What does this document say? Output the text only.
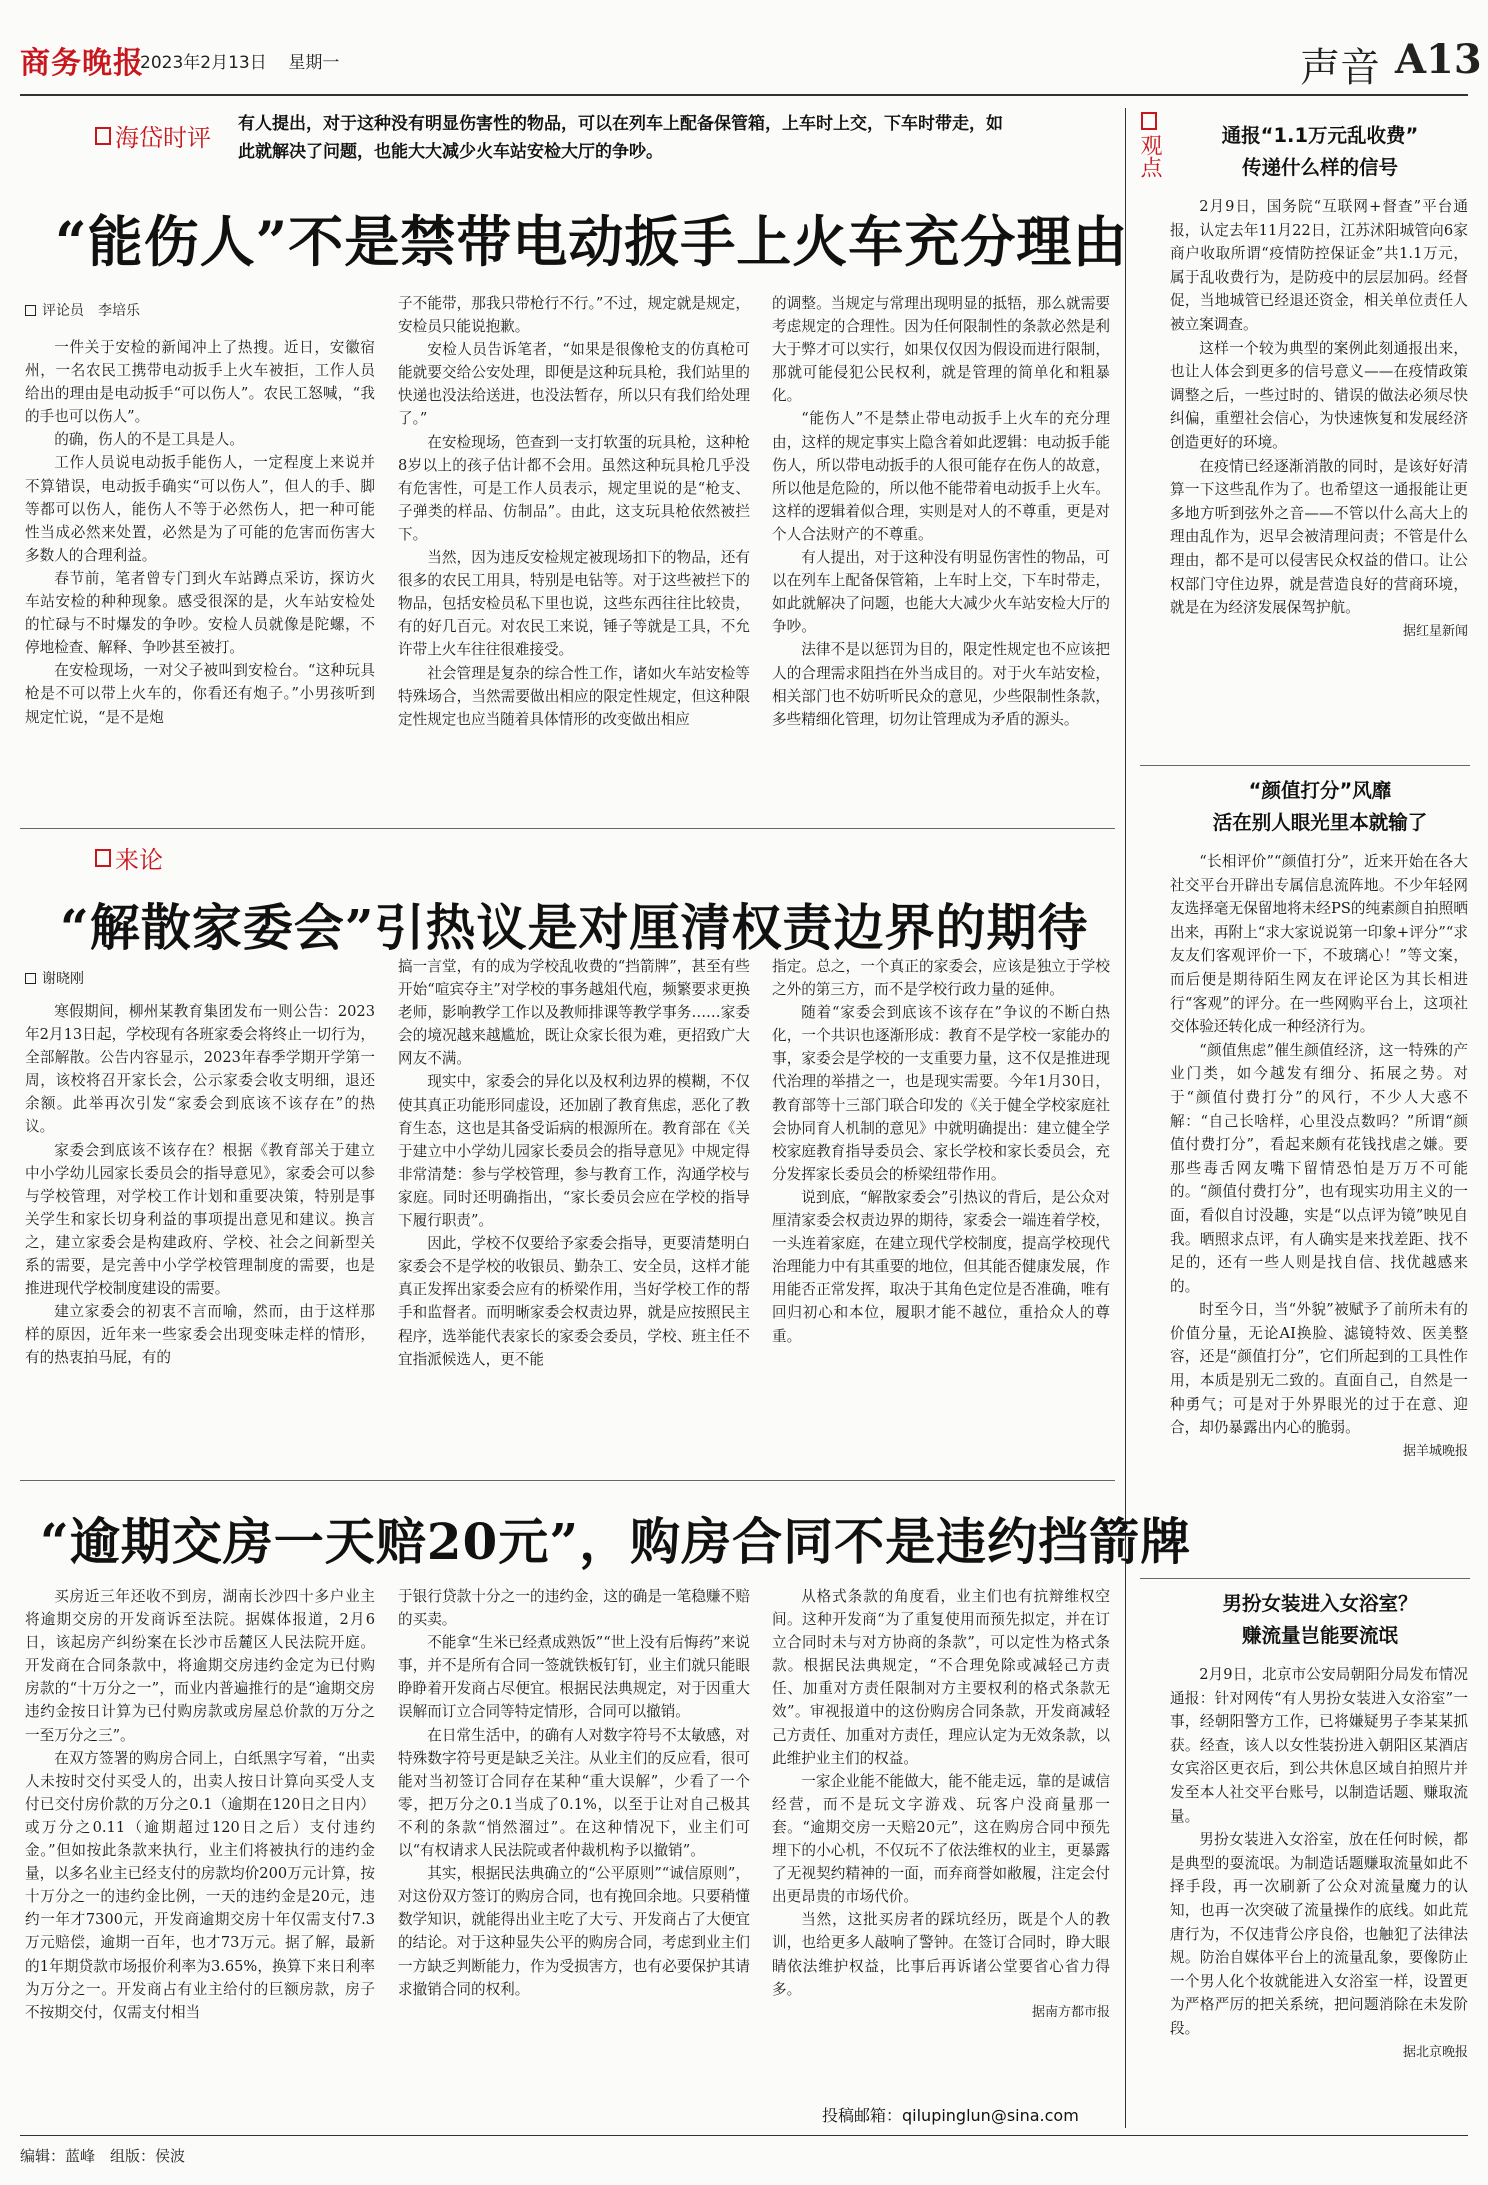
商务晚报
2023年2月13日 星期一	声音 A13
海岱时评 有人提出，对于这种没有明显伤害性的物品，可以在列车上配备保管箱，上车时上交，下车时带走，如此就解决了问题，也能大大减少火车站安检大厅的争吵。
“能伤人”不是禁带电动扳手上火车充分理由
评论员　李培乐

一件关于安检的新闻冲上了热搜。近日，安徽宿州，一名农民工携带电动扳手上火车被拒，工作人员给出的理由是电动扳手“可以伤人”。农民工怒喊，“我的手也可以伤人”。

的确，伤人的不是工具是人。

工作人员说电动扳手能伤人，一定程度上来说并不算错误，电动扳手确实“可以伤人”，但人的手、脚等都可以伤人，能伤人不等于必然伤人，把一种可能性当成必然来处置，必然是为了可能的危害而伤害大多数人的合理利益。

春节前，笔者曾专门到火车站蹲点采访，探访火车站安检的种种现象。感受很深的是，火车站安检处的忙碌与不时爆发的争吵。安检人员就像是陀螺，不停地检查、解释、争吵甚至被打。

在安检现场，一对父子被叫到安检台。“这种玩具枪是不可以带上火车的，你看还有炮子。”小男孩听到规定忙说，“是不是炮

子不能带，那我只带枪行不行。”不过，规定就是规定，安检员只能说抱歉。

安检人员告诉笔者，“如果是很像枪支的仿真枪可能就要交给公安处理，即便是这种玩具枪，我们站里的快递也没法给送进，也没法暂存，所以只有我们给处理了。”

在安检现场，笆查到一支打软蛋的玩具枪，这种枪8岁以上的孩子估计都不会用。虽然这种玩具枪几乎没有危害性，可是工作人员表示，规定里说的是“枪支、子弹类的样品、仿制品”。由此，这支玩具枪依然被拦下。

当然，因为违反安检规定被现场扣下的物品，还有很多的农民工用具，特别是电钻等。对于这些被拦下的物品，包括安检员私下里也说，这些东西往往比较贵，有的好几百元。对农民工来说，锤子等就是工具，不允许带上火车往往很难接受。

社会管理是复杂的综合性工作，诸如火车站安检等特殊场合，当然需要做出相应的限定性规定，但这种限定性规定也应当随着具体情形的改变做出相应

的调整。当规定与常理出现明显的抵牾，那么就需要考虑规定的合理性。因为任何限制性的条款必然是利大于弊才可以实行，如果仅仅因为假设而进行限制，那就可能侵犯公民权利，就是管理的简单化和粗暴化。

“能伤人”不是禁止带电动扳手上火车的充分理由，这样的规定事实上隐含着如此逻辑：电动扳手能伤人，所以带电动扳手的人很可能存在伤人的故意，所以他是危险的，所以他不能带着电动扳手上火车。这样的逻辑着似合理，实则是对人的不尊重，更是对个人合法财产的不尊重。

有人提出，对于这种没有明显伤害性的物品，可以在列车上配备保管箱，上车时上交，下车时带走，如此就解决了问题，也能大大减少火车站安检大厅的争吵。

法律不是以惩罚为目的，限定性规定也不应该把人的合理需求阻挡在外当成目的。对于火车站安检，相关部门也不妨听听民众的意见，少些限制性条款，多些精细化管理，切勿让管理成为矛盾的源头。

来论
“解散家委会”引热议是对厘清权责边界的期待
谢晓刚

寒假期间，柳州某教育集团发布一则公告：2023年2月13日起，学校现有各班家委会将终止一切行为，全部解散。公告内容显示，2023年春季学期开学第一周，该校将召开家长会，公示家委会收支明细，退还余额。此举再次引发“家委会到底该不该存在”的热议。

家委会到底该不该存在？根据《教育部关于建立中小学幼儿园家长委员会的指导意见》，家委会可以参与学校管理，对学校工作计划和重要决策，特别是事关学生和家长切身利益的事项提出意见和建议。换言之，建立家委会是构建政府、学校、社会之间新型关系的需要，是完善中小学学校管理制度的需要，也是推进现代学校制度建设的需要。

建立家委会的初衷不言而喻，然而，由于这样那样的原因，近年来一些家委会出现变味走样的情形，有的热衷拍马屁，有的

搞一言堂，有的成为学校乱收费的“挡箭牌”，甚至有些开始“喧宾夺主”对学校的事务越俎代庖，频繁要求更换老师，影响教学工作以及教师排课等教学事务……家委会的境况越来越尴尬，既让众家长很为难，更招致广大网友不满。

现实中，家委会的异化以及权利边界的模糊，不仅使其真正功能形同虚设，还加剧了教育焦虑，恶化了教育生态，这也是其备受诟病的根源所在。教育部在《关于建立中小学幼儿园家长委员会的指导意见》中规定得非常清楚：参与学校管理，参与教育工作，沟通学校与家庭。同时还明确指出，“家长委员会应在学校的指导下履行职责”。

因此，学校不仅要给予家委会指导，更要清楚明白家委会不是学校的收银员、勤杂工、安全员，这样才能真正发挥出家委会应有的桥梁作用，当好学校工作的帮手和监督者。而明晰家委会权责边界，就是应按照民主程序，选举能代表家长的家委会委员，学校、班主任不宜指派候选人，更不能

指定。总之，一个真正的家委会，应该是独立于学校之外的第三方，而不是学校行政力量的延伸。

随着“家委会到底该不该存在”争议的不断白热化，一个共识也逐渐形成：教育不是学校一家能办的事，家委会是学校的一支重要力量，这不仅是推进现代治理的举措之一，也是现实需要。今年1月30日，教育部等十三部门联合印发的《关于健全学校家庭社会协同育人机制的意见》中就明确提出：建立健全学校家庭教育指导委员会、家长学校和家长委员会，充分发挥家长委员会的桥梁纽带作用。

说到底，“解散家委会”引热议的背后，是公众对厘清家委会权责边界的期待，家委会一端连着学校，一头连着家庭，在建立现代学校制度，提高学校现代治理能力中有其重要的地位，但其能否健康发展，作用能否正常发挥，取决于其角色定位是否准确，唯有回归初心和本位，履职才能不越位，重拾众人的尊重。

“逾期交房一天赔20元”，购房合同不是违约挡箭牌

买房近三年还收不到房，湖南长沙四十多户业主将逾期交房的开发商诉至法院。据媒体报道，2月6日，该起房产纠纷案在长沙市岳麓区人民法院开庭。开发商在合同条款中，将逾期交房违约金定为已付购房款的“十万分之一”，而业内普遍推行的是“逾期交房违约金按日计算为已付购房款或房屋总价款的万分之一至万分之三”。

在双方签署的购房合同上，白纸黑字写着，“出卖人未按时交付买受人的，出卖人按日计算向买受人支付已交付房价款的万分之0.1（逾期在120日之日内）或万分之0.11（逾期超过120日之后）支付违约金。”但如按此条款来执行，业主们将被执行的违约金量，以多名业主已经支付的房款均价200万元计算，按十万分之一的违约金比例，一天的违约金是20元，违约一年才7300元，开发商逾期交房十年仅需支付7.3万元赔偿，逾期一百年，也才73万元。据了解，最新的1年期贷款市场报价利率为3.65%，换算下来日利率为万分之一。开发商占有业主给付的巨额房款，房子不按期交付，仅需支付相当

于银行贷款十分之一的违约金，这的确是一笔稳赚不赔的买卖。

不能拿“生米已经煮成熟饭”“世上没有后悔药”来说事，并不是所有合同一签就铁板钉钉，业主们就只能眼睁睁着开发商占尽便宜。根据民法典规定，对于因重大误解而订立合同等特定情形，合同可以撤销。

在日常生活中，的确有人对数字符号不太敏感，对特殊数字符号更是缺乏关注。从业主们的反应看，很可能对当初签订合同存在某种“重大误解”，少看了一个零，把万分之0.1当成了0.1%，以至于让对自己极其不利的条款“悄然溜过”。在这种情况下，业主们可以“有权请求人民法院或者仲裁机构予以撤销”。

其实，根据民法典确立的“公平原则”“诚信原则”，对这份双方签订的购房合同，也有挽回余地。只要稍懂数学知识，就能得出业主吃了大亏、开发商占了大便宜的结论。对于这种显失公平的购房合同，考虑到业主们一方缺乏判断能力，作为受损害方，也有必要保护其请求撤销合同的权利。

从格式条款的角度看，业主们也有抗辩维权空间。这种开发商“为了重复使用而预先拟定，并在订立合同时未与对方协商的条款”，可以定性为格式条款。根据民法典规定，“不合理免除或减轻己方责任、加重对方责任限制对方主要权利的格式条款无效”。审视报道中的这份购房合同条款，开发商减轻己方责任、加重对方责任，理应认定为无效条款，以此维护业主们的权益。

一家企业能不能做大，能不能走远，靠的是诚信经营，而不是玩文字游戏、玩客户没商量那一套。“逾期交房一天赔20元”，这在购房合同中预先埋下的小心机，不仅玩不了依法维权的业主，更暴露了无视契约精神的一面，而弃商誉如敝履，注定会付出更昂贵的市场代价。

当然，这批买房者的踩坑经历，既是个人的教训，也给更多人敲响了警钟。在签订合同时，睁大眼睛依法维护权益，比事后再诉诸公堂要省心省力得多。

据南方都市报
观点	通报“1.1万元乱收费”
传递什么样的信号

2月9日，国务院“互联网+督查”平台通报，认定去年11月22日，江苏沭阳城管向6家商户收取所谓“疫情防控保证金”共1.1万元，属于乱收费行为，是防疫中的层层加码。经督促，当地城管已经退还资金，相关单位责任人被立案调查。

这样一个较为典型的案例此刻通报出来，也让人体会到更多的信号意义——在疫情政策调整之后，一些过时的、错误的做法必须尽快纠偏，重塑社会信心，为快速恢复和发展经济创造更好的环境。

在疫情已经逐渐消散的同时，是该好好清算一下这些乱作为了。也希望这一通报能让更多地方听到弦外之音——不管以什么高大上的理由乱作为，迟早会被清理问责；不管是什么理由，都不是可以侵害民众权益的借口。让公权部门守住边界，就是营造良好的营商环境，就是在为经济发展保驾护航。

据红星新闻
“颜值打分”风靡
活在别人眼光里本就输了

“长相评价”“颜值打分”，近来开始在各大社交平台开辟出专属信息流阵地。不少年轻网友选择毫无保留地将未经PS的纯素颜自拍照晒出来，再附上“求大家说说第一印象+评分”“求友友们客观评价一下，不玻璃心！”等文案，而后便是期待陌生网友在评论区为其长相进行“客观”的评分。在一些网购平台上，这项社交体验还转化成一种经济行为。

“颜值焦虑”催生颜值经济，这一特殊的产业门类，如今越发有细分、拓展之势。对于“颜值付费打分”的风行，不少人大惑不解：“自己长啥样，心里没点数吗？”所谓“颜值付费打分”，看起来颇有花钱找虐之嫌。要那些毒舌网友嘴下留情恐怕是万万不可能的。“颜值付费打分”，也有现实功用主义的一面，看似自讨没趣，实是“以点评为镜”映见自我。晒照求点评，有人确实是来找差距、找不足的，还有一些人则是找自信、找优越感来的。

时至今日，当“外貌”被赋予了前所未有的价值分量，无论AI换脸、滤镜特效、医美整容，还是“颜值打分”，它们所起到的工具性作用，本质是别无二致的。直面自己，自然是一种勇气；可是对于外界眼光的过于在意、迎合，却仍暴露出内心的脆弱。

据羊城晚报
男扮女装进入女浴室？
赚流量岂能要流氓

2月9日，北京市公安局朝阳分局发布情况通报：针对网传“有人男扮女装进入女浴室”一事，经朝阳警方工作，已将嫌疑男子李某某抓获。经查，该人以女性装扮进入朝阳区某酒店女宾浴区更衣后，到公共休息区域自拍照片并发至本人社交平台账号，以制造话题、赚取流量。

男扮女装进入女浴室，放在任何时候，都是典型的耍流氓。为制造话题赚取流量如此不择手段，再一次刷新了公众对流量魔力的认知，也再一次突破了流量操作的底线。如此荒唐行为，不仅违背公序良俗，也触犯了法律法规。防治自媒体平台上的流量乱象，要像防止一个男人化个妆就能进入女浴室一样，设置更为严格严厉的把关系统，把问题消除在未发阶段。

据北京晚报
投稿邮箱：qilupinglun@sina.com
编辑：蓝峰　组版：侯波
